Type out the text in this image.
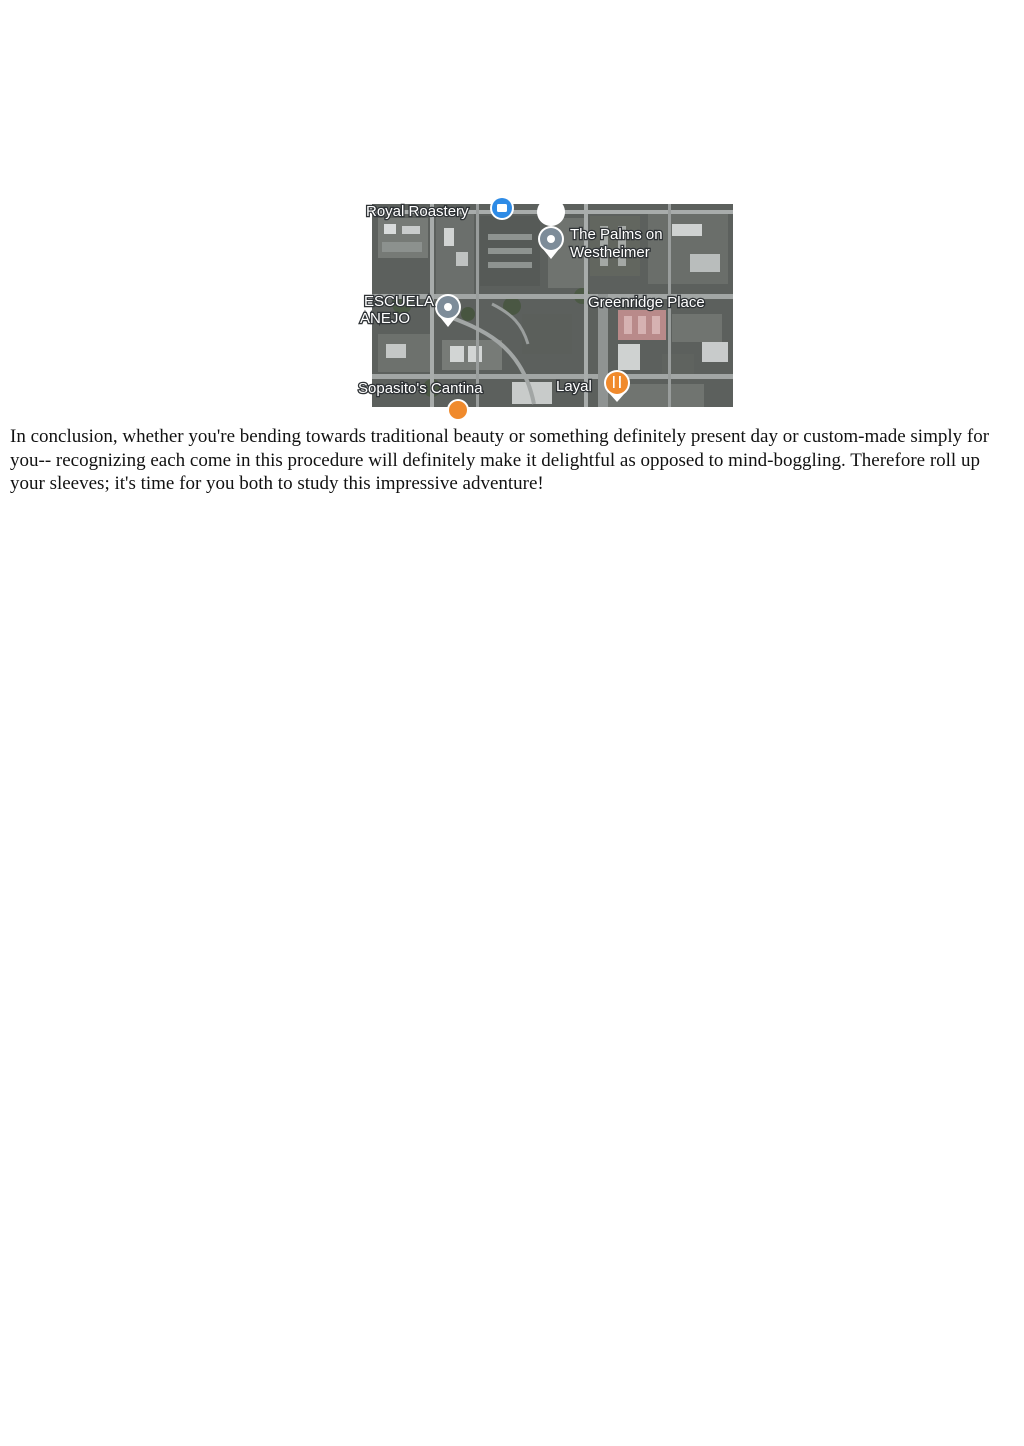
Royal Roastery
The Palms on
Westheimer
ESCUELA
ANEJO
Greenridge Place
Sopasito's Cantina	Layal

In conclusion, whether you're bending towards traditional beauty or something definitely present day or custom-made simply for you-- recognizing each come in this procedure will definitely make it delightful as opposed to mind-boggling. Therefore roll up your sleeves; it's time for you both to study this impressive adventure!
